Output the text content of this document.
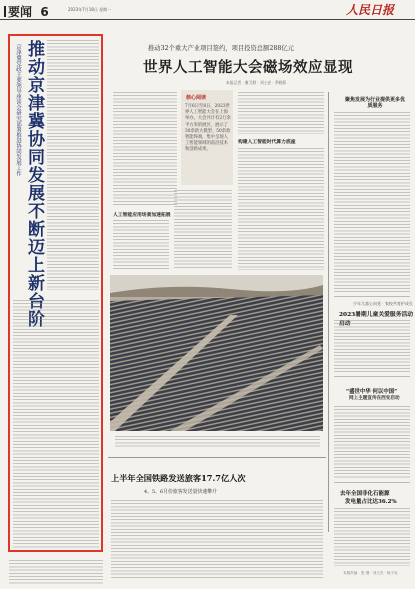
要闻 6	2023年7月18日 星期一	人民日报
京津冀党政主要领导座谈会研究部署推进协同发展工作 推动京津冀协同发展不断迈上新台阶	推动32个重大产业项目签约，项目投资总额288亿元
世界人工智能大会磁场效应显现
本报记者 · 谢卫群 · 刘士安 · 季晓莉
核心阅读
7月6日至8日，2023世界人工智能大会在上海举办。大会共计有2万余平方米的展区，展示了30余款大模型、50余款智能终端，集中呈现人工智能领域的前沿技术和创新成果。
构建人工智能时代算力底座
人工智能应用场景加速拓展
聚焦发展为行业提供更多优质服务
少年儿童心向党 · 家校共育护成长
2023暑期儿童关爱服务活动启动
“盛世中华 何以中国”
网上主题宣传在西安启动
去年全国非化石能源
发电量占比达36.2%
上半年全国铁路发送旅客17.7亿人次
4、5、6月份旅客发送量快速攀升
本版责编：张 璁 · 刘文杰 · 杨子岩
